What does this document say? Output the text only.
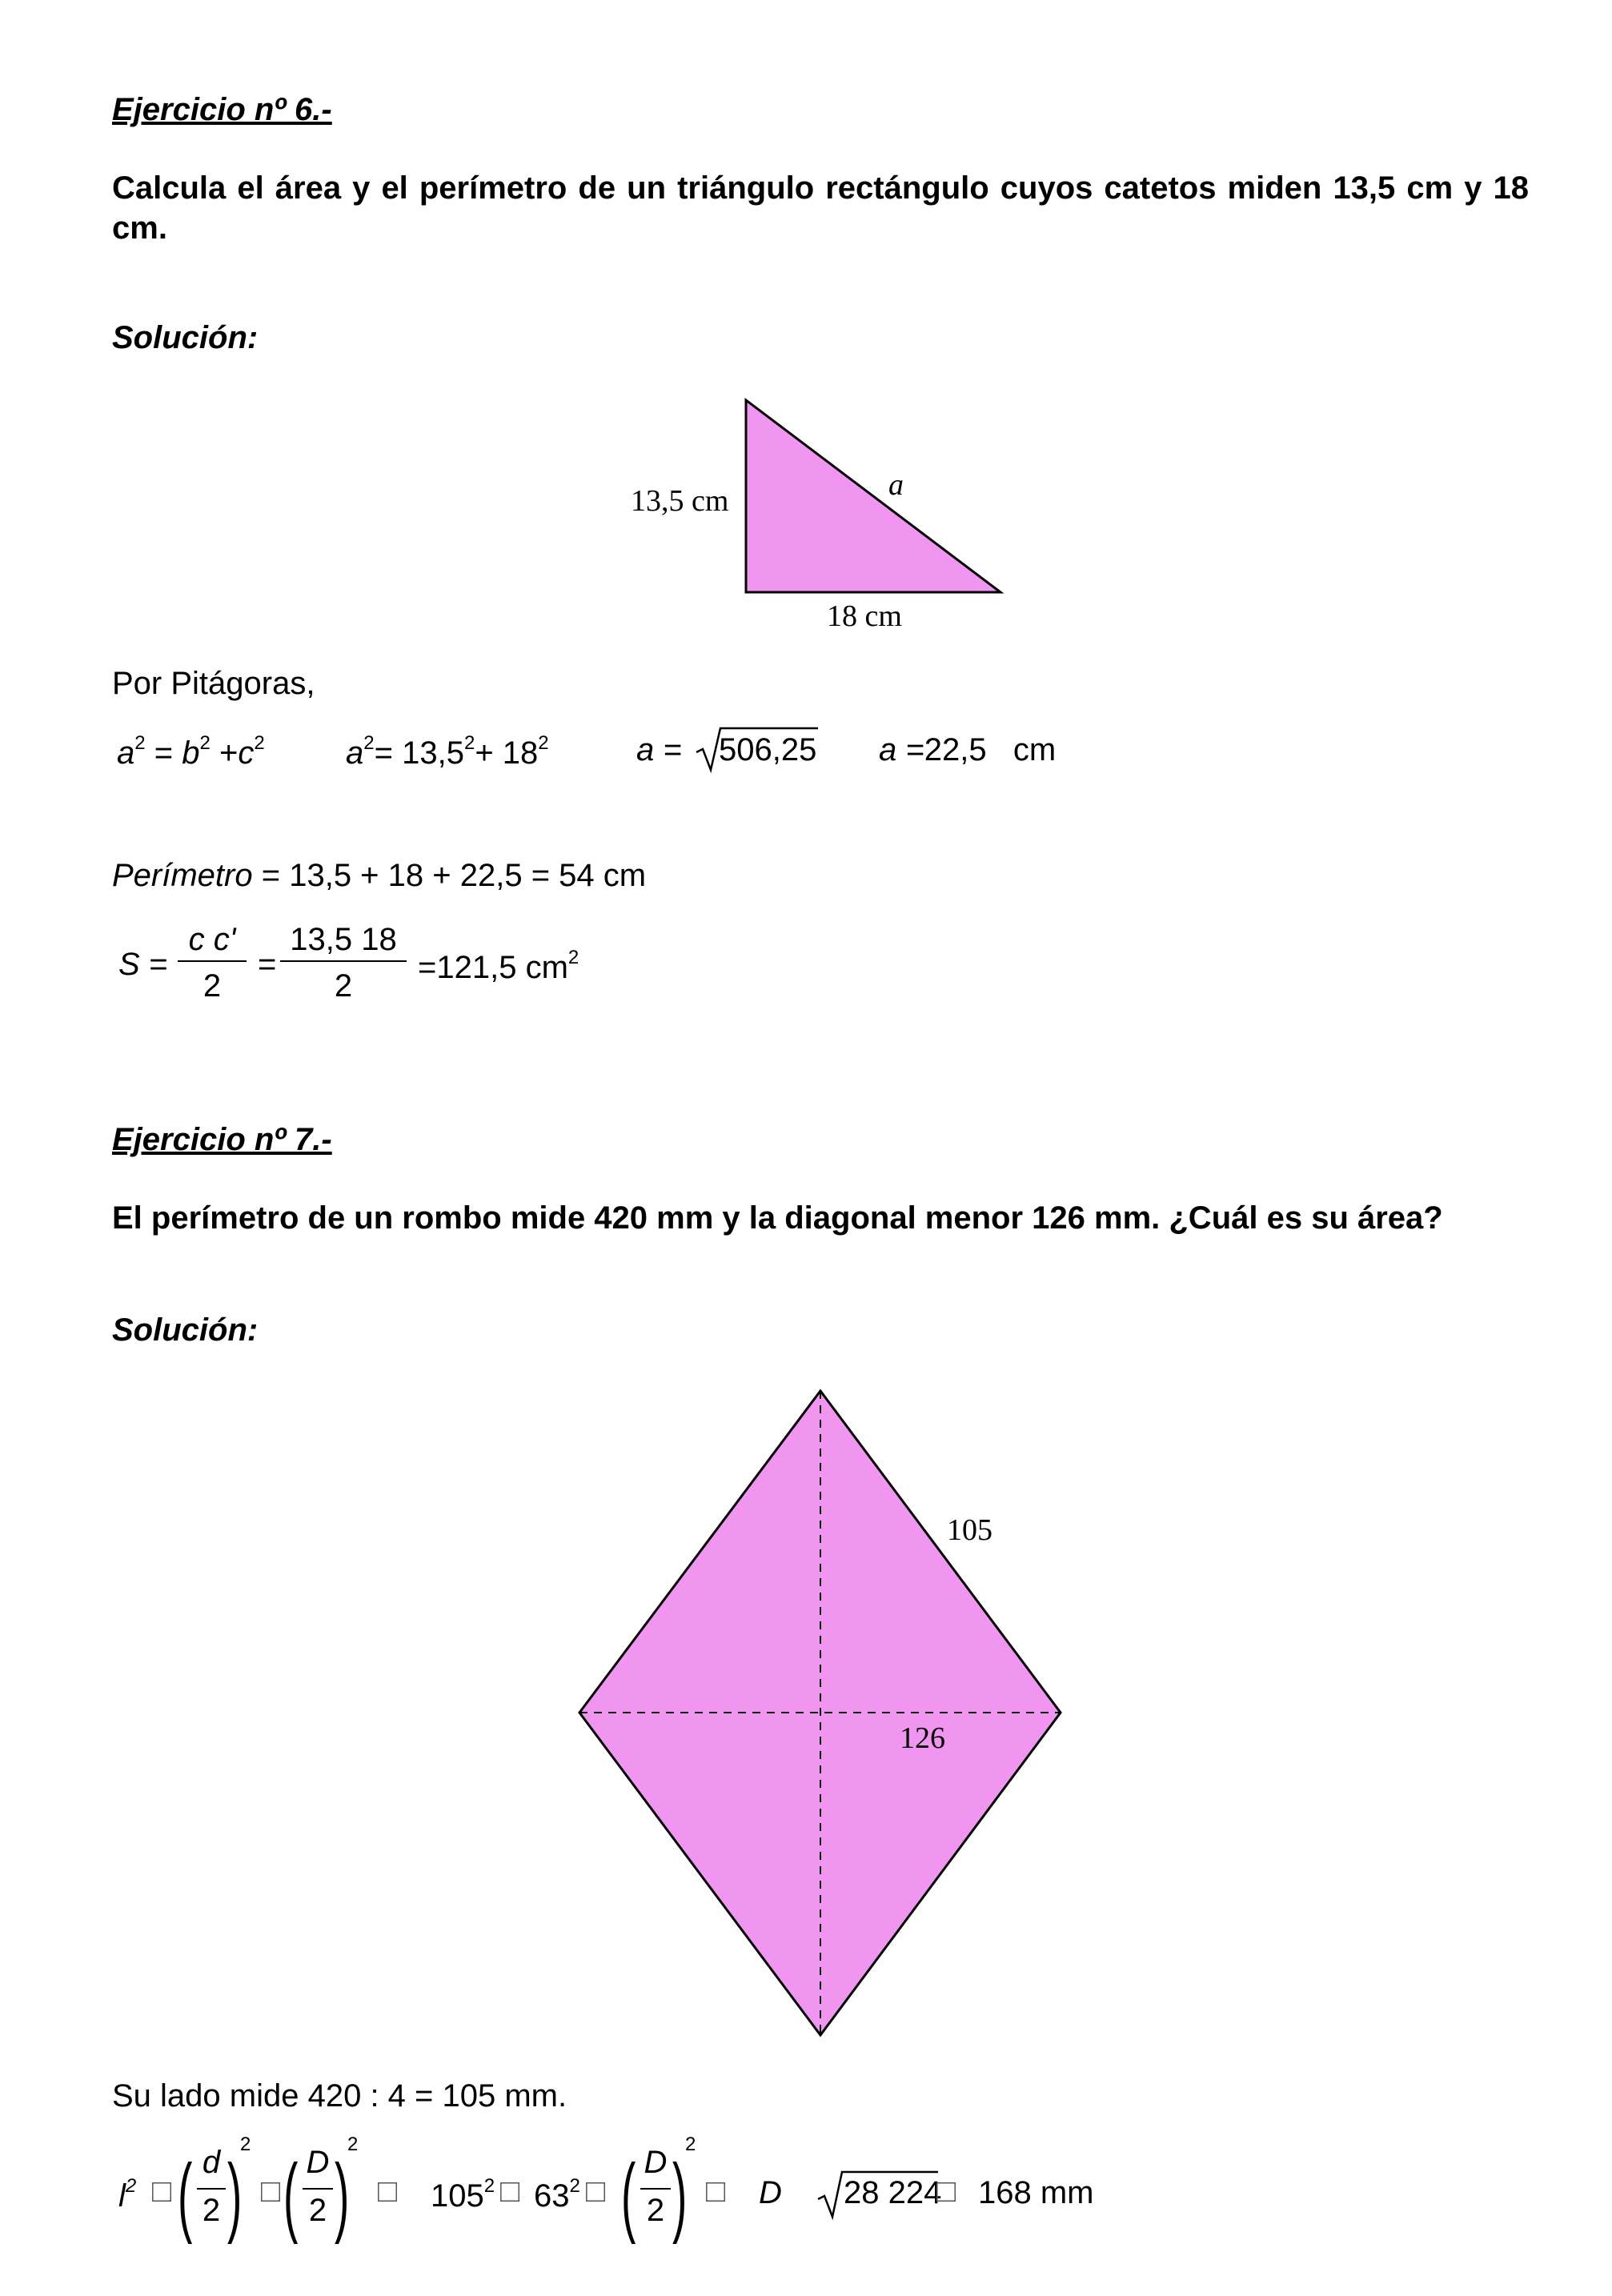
Ejercicio nº 6.-
Calcula el área y el perímetro de un triángulo rectángulo cuyos catetos miden 13,5 cm y 18 cm.
Solución:
13,5 cm
18 cm
a
Por Pitágoras,
$a^2 = b^2 +c^2$	$a^2= 13,5^2+ 18^2$	a = 506,25 a =22,5 cm
Perímetro = 13,5 + 18 + 22,5 = 54 cm
S =
c c'
2
=
13,5 18
2
=121,5 $cm^2$
Ejercicio nº 7.-
El perímetro de un rombo mide 420 mm y la diagonal menor 126 mm. ¿Cuál es su área?
Solución:
105
126
Su lado mide 420 : 4 = 105 mm.
$l^2$ □ ( d
2 )
2
□ ( D
2 )
2
□ $105^2$ □ $63^2$ □ ( D
2 )
2
□ D 28 224
□ 168 mm
